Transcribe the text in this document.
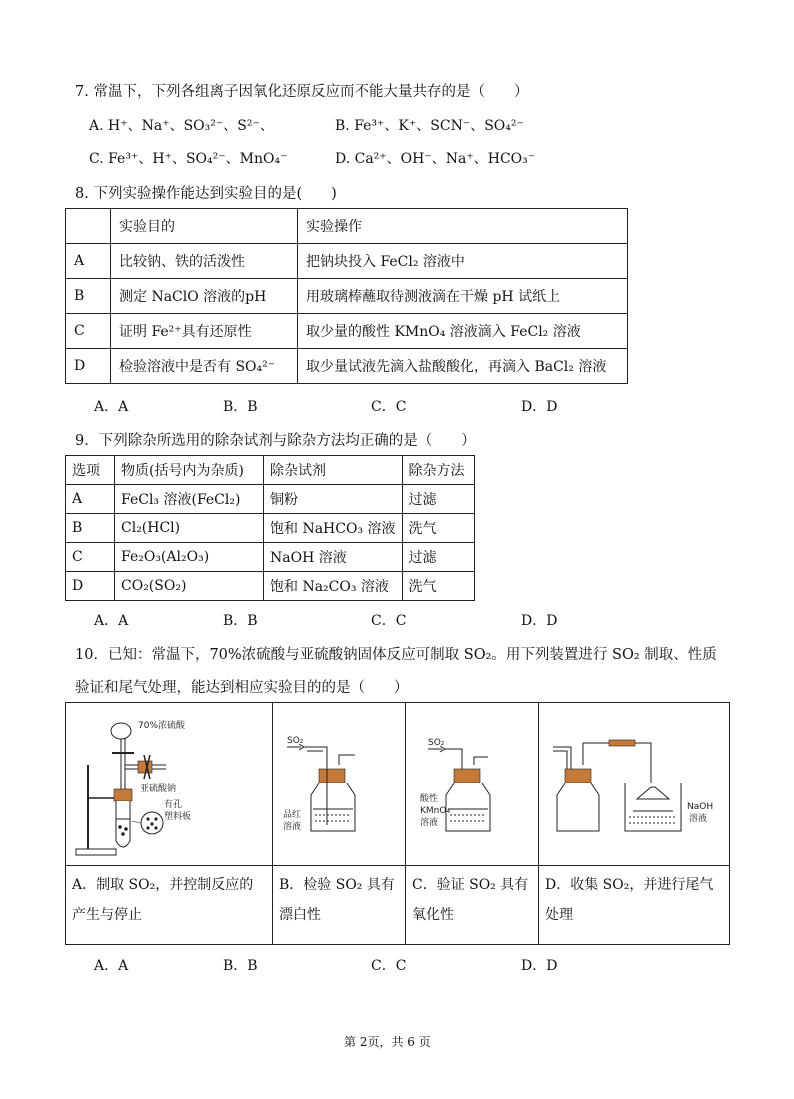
7. 常温下，下列各组离子因氧化还原反应而不能大量共存的是（　　）
A. H⁺、Na⁺、SO₃²⁻、S²⁻、	B. Fe³⁺、K⁺、SCN⁻、SO₄²⁻
C. Fe³⁺、H⁺、SO₄²⁻、MnO₄⁻	D. Ca²⁺、OH⁻、Na⁺、HCO₃⁻
8. 下列实验操作能达到实验目的是(　　)
	实验目的	实验操作
A	比较钠、铁的活泼性	把钠块投入 FeCl₂ 溶液中
B	测定 NaClO 溶液的pH	用玻璃棒蘸取待测液滴在干燥 pH 试纸上
C	证明 Fe²⁺具有还原性	取少量的酸性 KMnO₄ 溶液滴入 FeCl₂ 溶液
D	检验溶液中是否有 SO₄²⁻	取少量试液先滴入盐酸酸化，再滴入 BaCl₂ 溶液
A．A	B．B	C．C	D．D
9．下列除杂所选用的除杂试剂与除杂方法均正确的是（　　）
选项	物质(括号内为杂质)	除杂试剂	除杂方法
A	FeCl₃ 溶液(FeCl₂)	铜粉	过滤
B	Cl₂(HCl)	饱和 NaHCO₃ 溶液	洗气
C	Fe₂O₃(Al₂O₃)	NaOH 溶液	过滤
D	CO₂(SO₂)	饱和 Na₂CO₃ 溶液	洗气
A．A	B．B	C．C	D．D
10．已知：常温下，70%浓硫酸与亚硫酸钠固体反应可制取 SO₂。用下列装置进行 SO₂ 制取、性质
验证和尾气处理，能达到相应实验目的的是（　　）
70%浓硫酸
亚硫酸钠
有孔
塑料板	SO₂
品红
溶液	SO₂
酸性
KMnO₄
溶液	NaOH
溶液

A．制取 SO₂，并控制反应的产生与停止	B．检验 SO₂ 具有漂白性	C．验证 SO₂ 具有氧化性	D．收集 SO₂，并进行尾气处理
A．A	B．B	C．C	D．D
第 2页，共 6 页
